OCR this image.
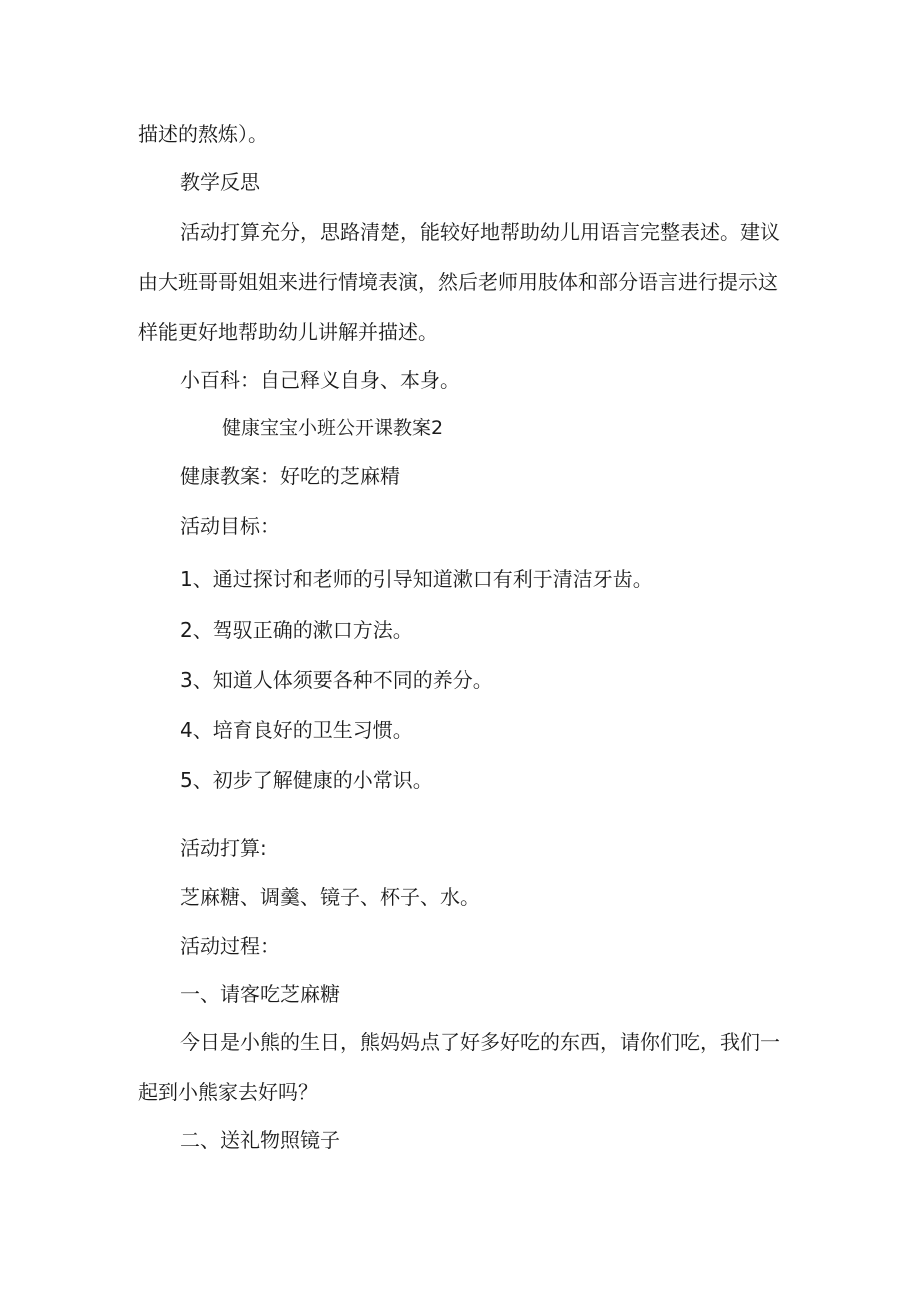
描述的熬炼）。
教学反思
活动打算充分，思路清楚，能较好地帮助幼儿用语言完整表述。建议
由大班哥哥姐姐来进行情境表演，然后老师用肢体和部分语言进行提示这
样能更好地帮助幼儿讲解并描述。
小百科：自己释义自身、本身。
健康宝宝小班公开课教案2
健康教案：好吃的芝麻精
活动目标：
1、通过探讨和老师的引导知道漱口有利于清洁牙齿。
2、驾驭正确的漱口方法。
3、知道人体须要各种不同的养分。
4、培育良好的卫生习惯。
5、初步了解健康的小常识。
活动打算:
芝麻糖、调羹、镜子、杯子、水。
活动过程：
一、请客吃芝麻糖
今日是小熊的生日，熊妈妈点了好多好吃的东西，请你们吃，我们一
起到小熊家去好吗？
二、送礼物照镜子
